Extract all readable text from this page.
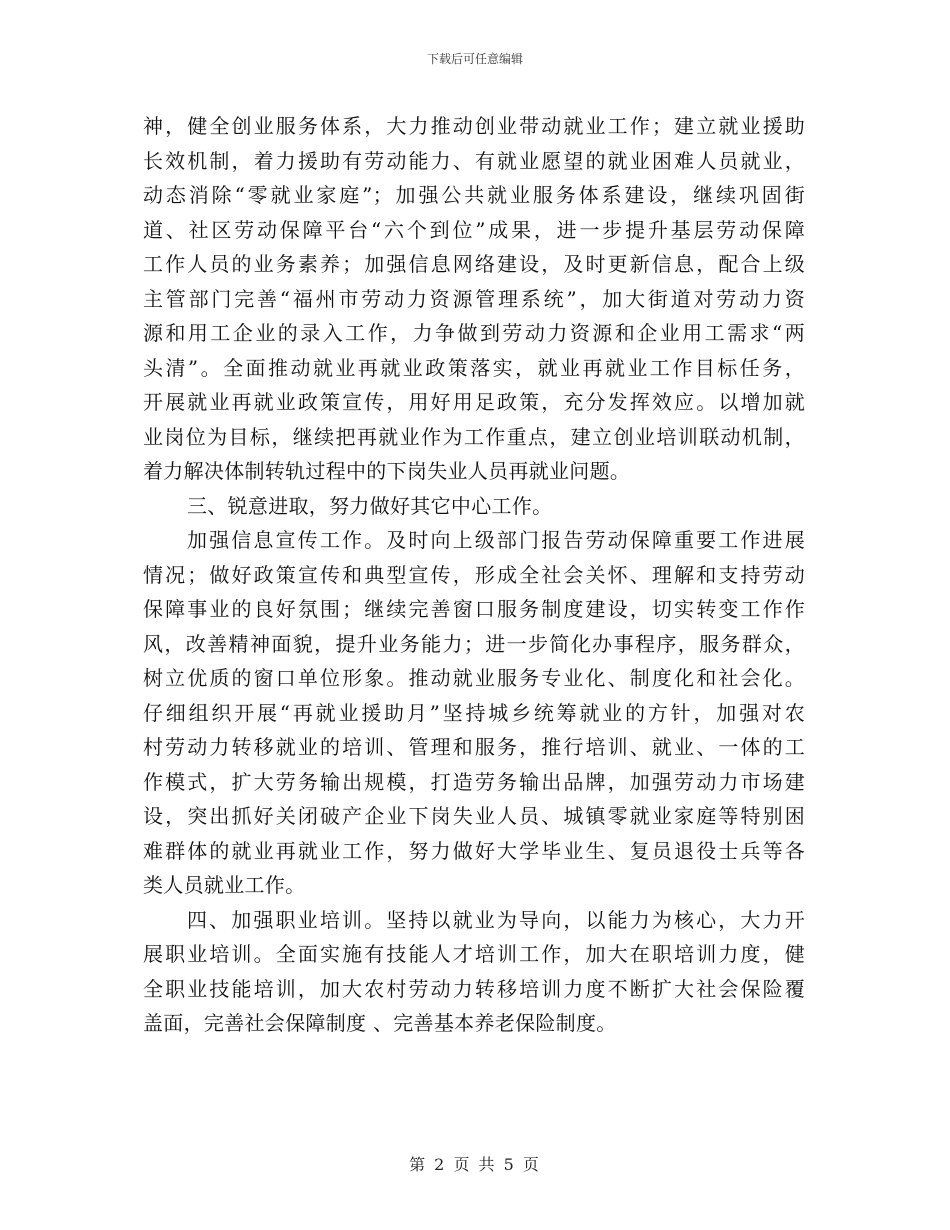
下载后可任意编辑
神，健全创业服务体系，大力推动创业带动就业工作；建立就业援助
长效机制，着力援助有劳动能力、有就业愿望的就业困难人员就业，
动态消除“零就业家庭”；加强公共就业服务体系建设，继续巩固街
道、社区劳动保障平台“六个到位”成果，进一步提升基层劳动保障
工作人员的业务素养；加强信息网络建设，及时更新信息，配合上级
主管部门完善“福州市劳动力资源管理系统”，加大街道对劳动力资
源和用工企业的录入工作，力争做到劳动力资源和企业用工需求“两
头清”。全面推动就业再就业政策落实，就业再就业工作目标任务，
开展就业再就业政策宣传，用好用足政策，充分发挥效应。以增加就
业岗位为目标，继续把再就业作为工作重点，建立创业培训联动机制，
着力解决体制转轨过程中的下岗失业人员再就业问题。
三、锐意进取，努力做好其它中心工作。
加强信息宣传工作。及时向上级部门报告劳动保障重要工作进展
情况；做好政策宣传和典型宣传，形成全社会关怀、理解和支持劳动
保障事业的良好氛围；继续完善窗口服务制度建设，切实转变工作作
风，改善精神面貌，提升业务能力；进一步简化办事程序，服务群众，
树立优质的窗口单位形象。推动就业服务专业化、制度化和社会化。
仔细组织开展“再就业援助月”坚持城乡统筹就业的方针，加强对农
村劳动力转移就业的培训、管理和服务，推行培训、就业、一体的工
作模式，扩大劳务输出规模，打造劳务输出品牌，加强劳动力市场建
设，突出抓好关闭破产企业下岗失业人员、城镇零就业家庭等特别困
难群体的就业再就业工作，努力做好大学毕业生、复员退役士兵等各
类人员就业工作。
四、加强职业培训。坚持以就业为导向，以能力为核心，大力开
展职业培训。全面实施有技能人才培训工作，加大在职培训力度，健
全职业技能培训，加大农村劳动力转移培训力度不断扩大社会保险覆
盖面，完善社会保障制度 、完善基本养老保险制度。
第 2 页 共 5 页
